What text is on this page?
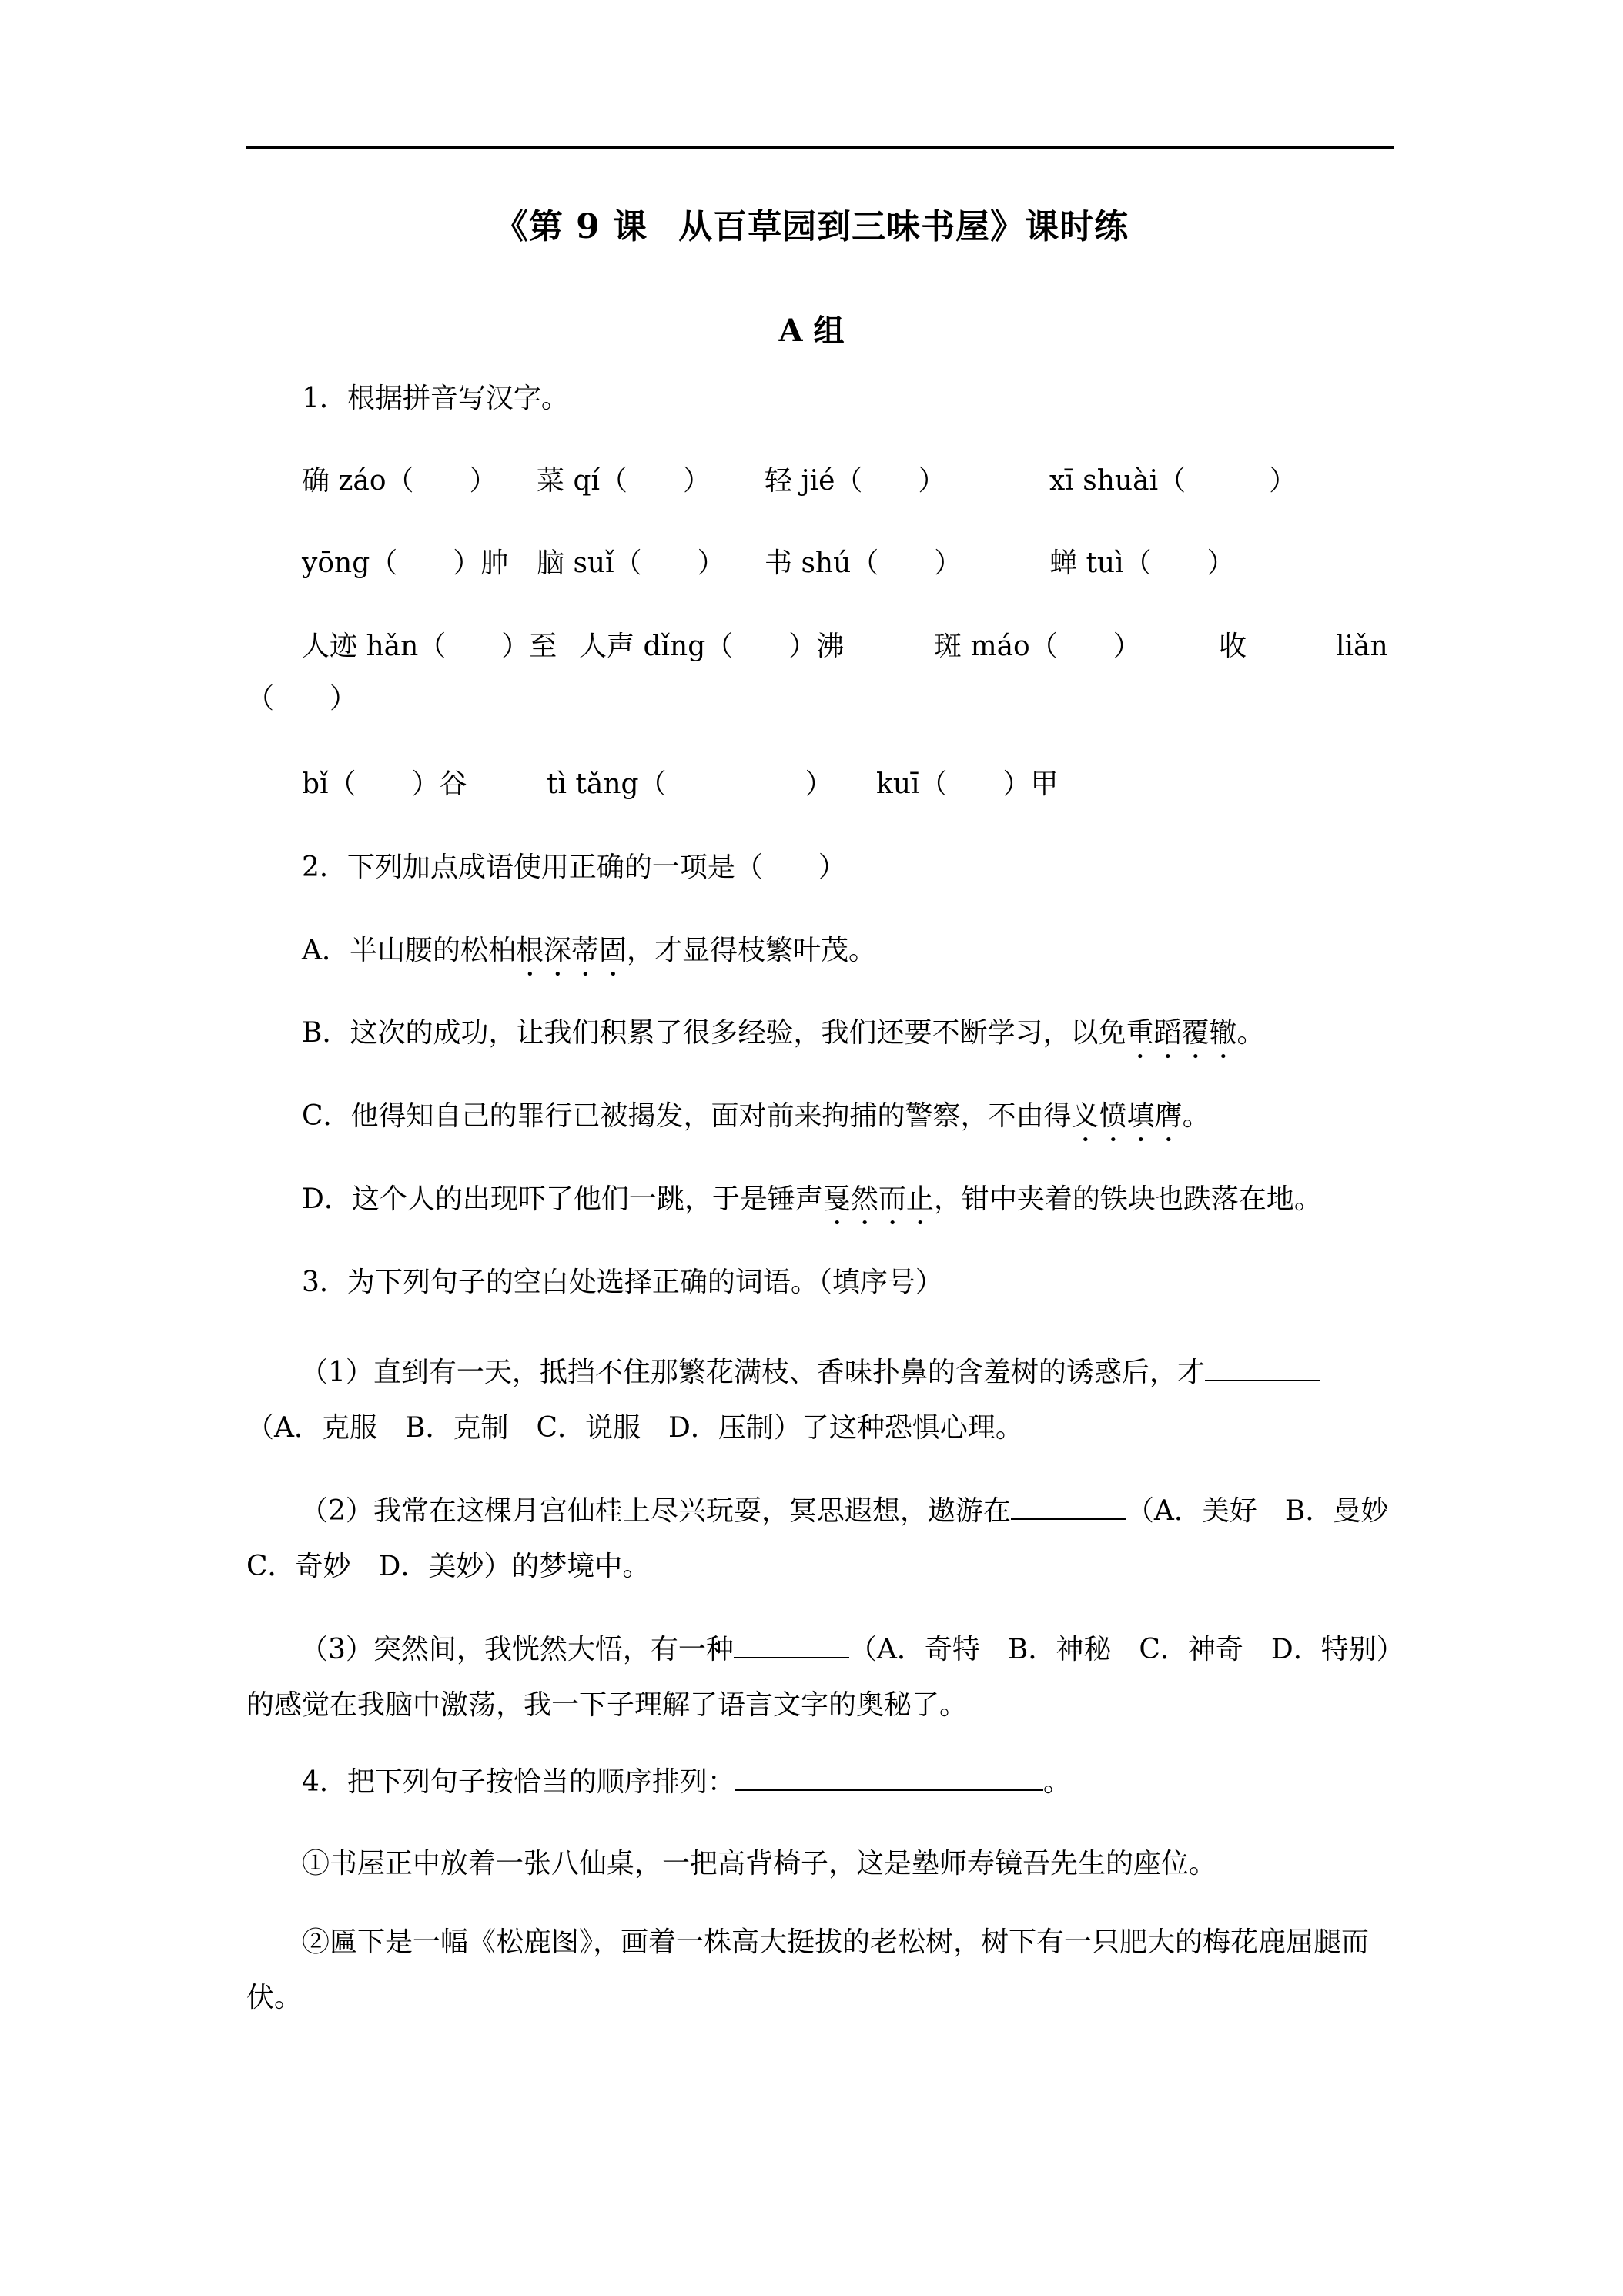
《第 9 课 从百草园到三味书屋》课时练
A 组
1．根据拼音写汉字。
确 záo（　　） 菜 qí（　　） 轻 jié（　　）	xī shuài（　　　）
yōng（　　）肿 脑 suǐ（　　） 书 shú（　　）	蝉 tuì（　　）
人迹 hǎn（　　）至 人声 dǐng（　　）沸	斑 máo（　　）	收	liǎn
（　　）
bǐ（　　）谷	tì tǎng（　　　　　） kuī（　　）甲
2．下列加点成语使用正确的一项是（　　）
A．半山腰的松柏根深蒂固，才显得枝繁叶茂。
B．这次的成功，让我们积累了很多经验，我们还要不断学习，以免重蹈覆辙。
C．他得知自己的罪行已被揭发，面对前来拘捕的警察，不由得义愤填膺。
D．这个人的出现吓了他们一跳，于是锤声戛然而止，钳中夹着的铁块也跌落在地。
3．为下列句子的空白处选择正确的词语。（填序号）
（1）直到有一天，抵挡不住那繁花满枝、香味扑鼻的含羞树的诱惑后，才（A．克服　B．克制　C．说服　D．压制）了这种恐惧心理。
（2）我常在这棵月宫仙桂上尽兴玩耍，冥思遐想，遨游在	（A．美好　B．曼妙　C．奇妙　D．美妙）的梦境中。
（3）突然间，我恍然大悟，有一种	（A．奇特　B．神秘　C．神奇　D．特别）的感觉在我脑中激荡，我一下子理解了语言文字的奥秘了。
4．把下列句子按恰当的顺序排列：	。
①书屋正中放着一张八仙桌，一把高背椅子，这是塾师寿镜吾先生的座位。
②匾下是一幅《松鹿图》，画着一株高大挺拔的老松树，树下有一只肥大的梅花鹿屈腿而伏。
